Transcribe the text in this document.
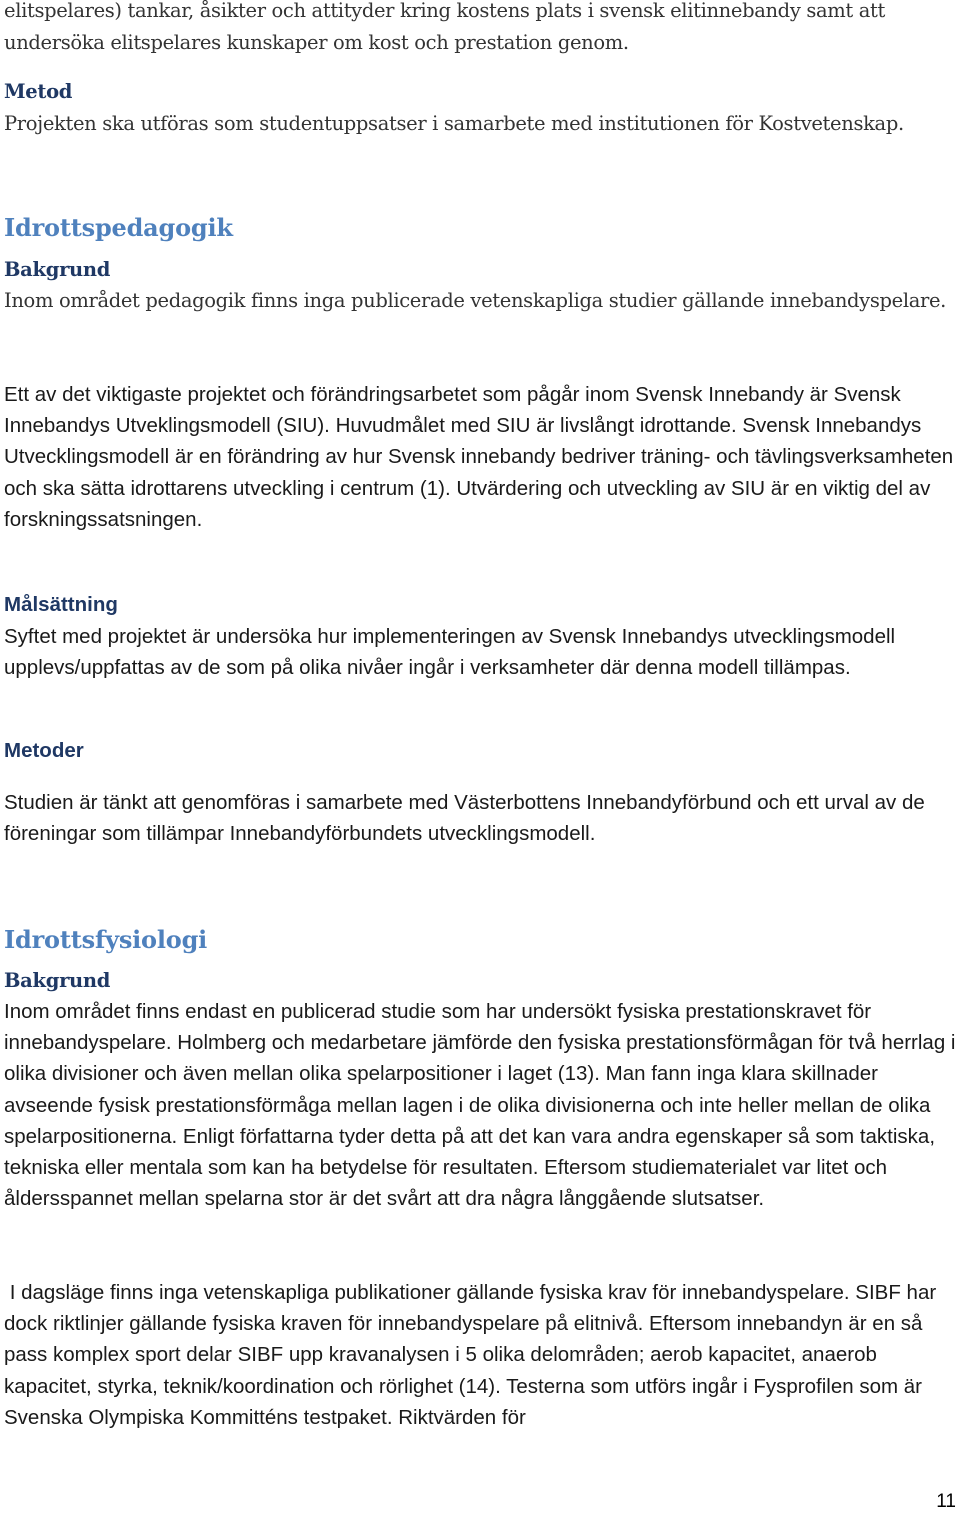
elitspelares) tankar, åsikter och attityder kring kostens plats i svensk elitinnebandy samt att undersöka elitspelares kunskaper om kost och prestation genom.

Metod

Projekten ska utföras som studentuppsatser i samarbete med institutionen för Kostvetenskap.

Idrottspedagogik

Bakgrund

Inom området pedagogik finns inga publicerade vetenskapliga studier gällande innebandyspelare.

Ett av det viktigaste projektet och förändringsarbetet som pågår inom Svensk Innebandy är Svensk Innebandys Utveklingsmodell (SIU). Huvudmålet med SIU är livslångt idrottande. Svensk Innebandys Utvecklingsmodell är en förändring av hur Svensk innebandy bedriver träning- och tävlingsverksamheten och ska sätta idrottarens utveckling i centrum (1). Utvärdering och utveckling av SIU är en viktig del av forskningssatsningen.

Målsättning

Syftet med projektet är undersöka hur implementeringen av Svensk Innebandys utvecklingsmodell upplevs/uppfattas av de som på olika nivåer ingår i verksamheter där denna modell tillämpas.

Metoder

Studien är tänkt att genomföras i samarbete med Västerbottens Innebandyförbund och ett urval av de föreningar som tillämpar Innebandyförbundets utvecklingsmodell.

Idrottsfysiologi

Bakgrund

Inom området finns endast en publicerad studie som har undersökt fysiska prestationskravet för innebandyspelare. Holmberg och medarbetare jämförde den fysiska prestationsförmågan för två herrlag i olika divisioner och även mellan olika spelarpositioner i laget (13). Man fann inga klara skillnader avseende fysisk prestationsförmåga mellan lagen i de olika divisionerna och inte heller mellan de olika spelarpositionerna. Enligt författarna tyder detta på att det kan vara andra egenskaper så som taktiska, tekniska eller mentala som kan ha betydelse för resultaten. Eftersom studiematerialet var litet och åldersspannet mellan spelarna stor är det svårt att dra några långgående slutsatser.

I dagsläge finns inga vetenskapliga publikationer gällande fysiska krav för innebandyspelare. SIBF har dock riktlinjer gällande fysiska kraven för innebandyspelare på elitnivå. Eftersom innebandyn är en så pass komplex sport delar SIBF upp kravanalysen i 5 olika delområden; aerob kapacitet, anaerob kapacitet, styrka, teknik/koordination och rörlighet (14). Testerna som utförs ingår i Fysprofilen som är Svenska Olympiska Kommitténs testpaket. Riktvärden för

11
